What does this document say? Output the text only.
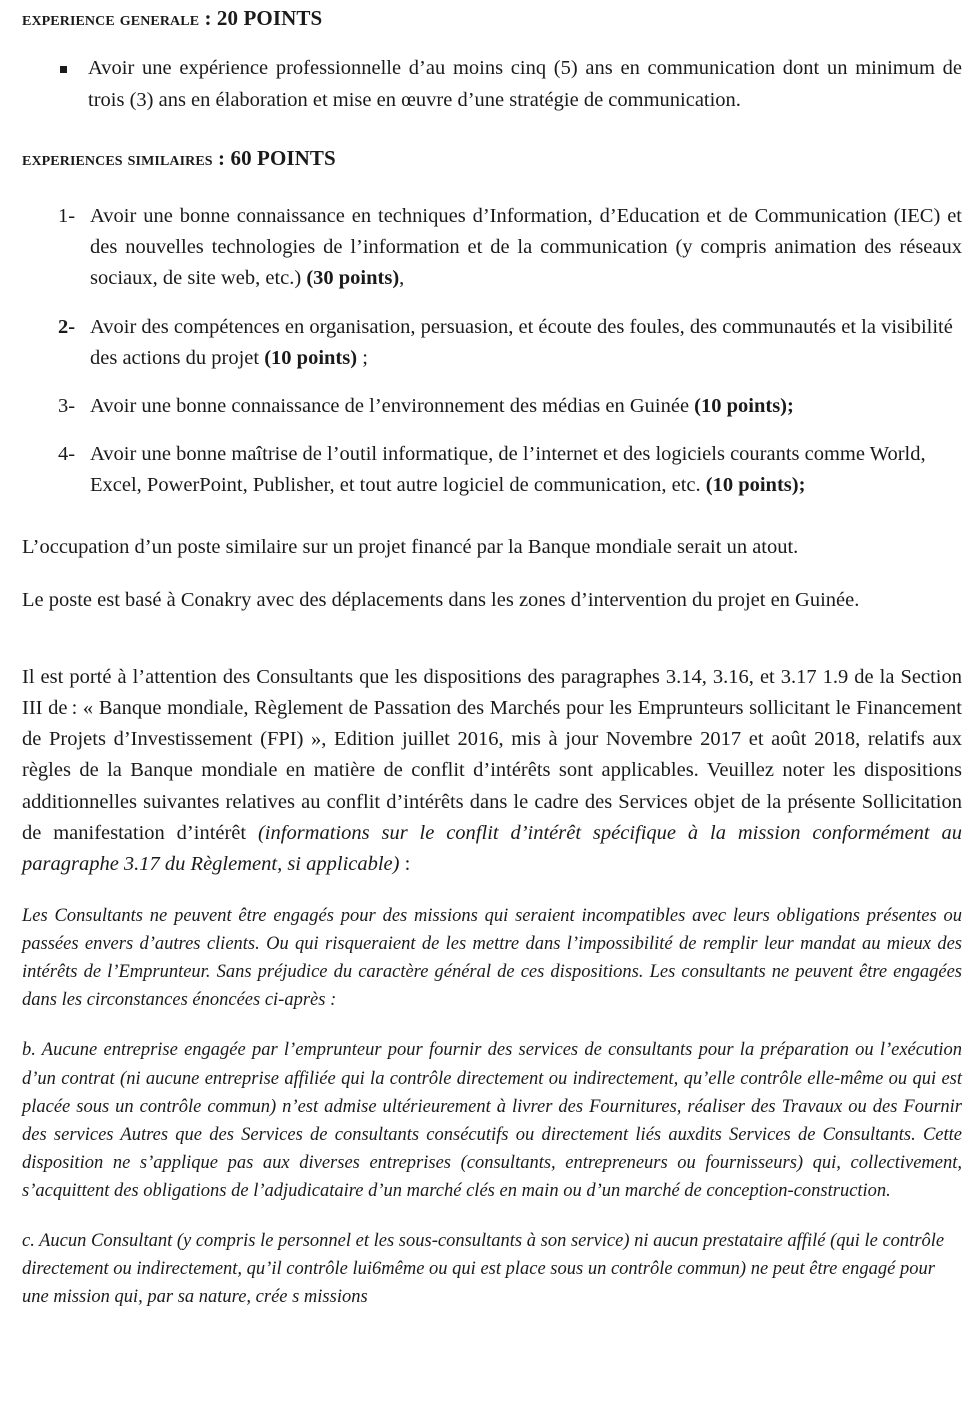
experience generale : 20 POINTS

Avoir une expérience professionnelle d’au moins cinq (5) ans en communication dont un minimum de trois (3) ans en élaboration et mise en œuvre d’une stratégie de communication.

experiences similaires : 60 POINTS

1- Avoir une bonne connaissance en techniques d’Information, d’Education et de Communication (IEC) et des nouvelles technologies de l’information et de la communication (y compris animation des réseaux sociaux, de site web, etc.) (30 points),
2- Avoir des compétences en organisation, persuasion, et écoute des foules, des communautés et la visibilité des actions du projet (10 points) ;
3- Avoir une bonne connaissance de l’environnement des médias en Guinée (10 points);
4- Avoir une bonne maîtrise de l’outil informatique, de l’internet et des logiciels courants comme World, Excel, PowerPoint, Publisher, et tout autre logiciel de communication, etc. (10 points);

L’occupation d’un poste similaire sur un projet financé par la Banque mondiale serait un atout.

Le poste est basé à Conakry avec des déplacements dans les zones d’intervention du projet en Guinée.

Il est porté à l’attention des Consultants que les dispositions des paragraphes 3.14, 3.16, et 3.17 1.9 de la Section III de : « Banque mondiale, Règlement de Passation des Marchés pour les Emprunteurs sollicitant le Financement de Projets d’Investissement (FPI) », Edition juillet 2016, mis à jour Novembre 2017 et août 2018, relatifs aux règles de la Banque mondiale en matière de conflit d’intérêts sont applicables. Veuillez noter les dispositions additionnelles suivantes relatives au conflit d’intérêts dans le cadre des Services objet de la présente Sollicitation de manifestation d’intérêt (informations sur le conflit d’intérêt spécifique à la mission conformément au paragraphe 3.17 du Règlement, si applicable) :

Les Consultants ne peuvent être engagés pour des missions qui seraient incompatibles avec leurs obligations présentes ou passées envers d’autres clients. Ou qui risqueraient de les mettre dans l’impossibilité de remplir leur mandat au mieux des intérêts de l’Emprunteur. Sans préjudice du caractère général de ces dispositions. Les consultants ne peuvent être engagées dans les circonstances énoncées ci-après :

b. Aucune entreprise engagée par l’emprunteur pour fournir des services de consultants pour la préparation ou l’exécution d’un contrat (ni aucune entreprise affiliée qui la contrôle directement ou indirectement, qu’elle contrôle elle-même ou qui est placée sous un contrôle commun) n’est admise ultérieurement à livrer des Fournitures, réaliser des Travaux ou des Fournir des services Autres que des Services de consultants consécutifs ou directement liés auxdits Services de Consultants. Cette disposition ne s’applique pas aux diverses entreprises (consultants, entrepreneurs ou fournisseurs) qui, collectivement, s’acquittent des obligations de l’adjudicataire d’un marché clés en main ou d’un marché de conception-construction.

c. Aucun Consultant (y compris le personnel et les sous-consultants à son service) ni aucun prestataire affilé (qui le contrôle directement ou indirectement, qu’il contrôle lui6même ou qui est place sous un contrôle commun) ne peut être engagé pour une mission qui, par sa nature, crée s missions
